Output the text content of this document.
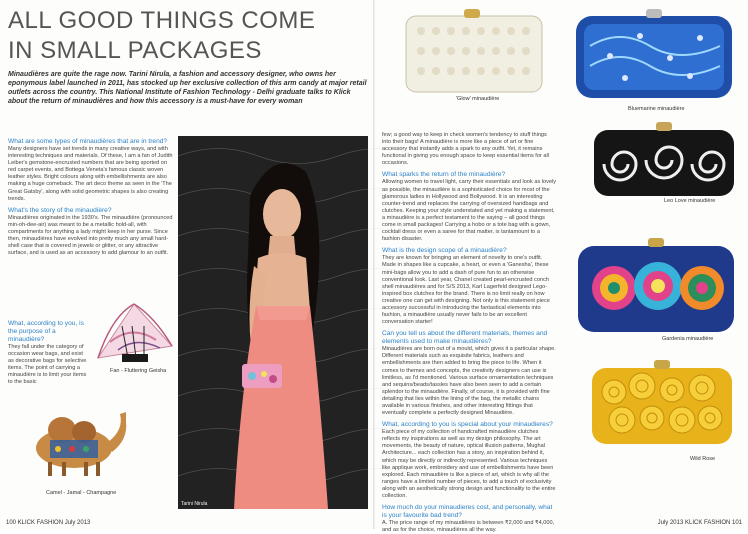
ALL GOOD THINGS COME
IN SMALL PACKAGES

Minaudières are quite the rage now. Tarini Nirula, a fashion and accessory designer, who owns her eponymous label launched in 2011, has stocked up her exclusive collection of this arm candy at major retail outlets across the country. This National Institute of Fashion Technology - Delhi graduate talks to Klick about the return of minaudières and how this accessory is a must-have for every woman

What are some types of minaudières that are in trend?
Many designers have set trends in many creative ways, and with interesting techniques and materials. Of these, I am a fan of Judith Leiber's gemstone-encrusted numbers that are being sported on red carpet events, and Bottega Veneta's famous classic woven leather styles. Bright colours along with embellishments are also making a huge comeback. The art deco theme as seen in the 'The Great Gatsby', along with solid geometric shapes is also creating trends.
What's the story of the minaudière?
Minaudières originated in the 1930's. The minaudière (pronounced min-oh-dee-air) was meant to be a metallic hold-all, with compartments for anything a lady might keep in her purse. Since then, minaudières have evolved into pretty much any small hard-shell case that is covered in jewels or glitter, or any attractive surface, and is used as an accessory to add glamour to an outfit.
What, according to you, is the purpose of a minaudière?
They fall under the category of occasion wear bags, and exist as decorative bags for selective items. The point of carrying a minaudière is to limit your items to the basic
Fan - Fluttering Geisha
Camel - Jamal - Champagne
Tarini Nirula
'Glow' minaudière
Bluemarine minaudière
Leo Love minaudière
Gardenia minaudière
Wild Rose
few; a good way to keep in check women's tendency to stuff things into their bags! A minaudière is more like a piece of art or fine accessory that instantly adds a spark to any outfit. Yet, it remains functional in giving you enough space to keep essential items for all occasions.
What sparks the return of the minaudière?
Allowing women to travel light, carry their essentials and look as lovely as possible, the minaudière is a sophisticated choice for most of the glamorous ladies in Hollywood and Bollywood. It is an interesting counter-trend and replaces the carrying of oversized handbags and clutches. Keeping your style understated and yet making a statement, a minaudière is a perfect testament to the saying – all good things come in small packages! Carrying a hobo or a tote bag with a gown, cocktail dress or even a saree for that matter, is tantamount to a fashion disaster.
What is the design scope of a minaudière?
They are known for bringing an element of novelty to one's outfit. Made in shapes like a cupcake, a heart, or even a 'Ganesha', these mini-bags allow you to add a dash of pure fun to an otherwise conventional look. Last year, Chanel created pearl-encrusted conch shell minaudières and for S/S 2013, Karl Lagerfeld designed Lego-inspired box clutches for the brand. There is no limit really on how creative one can get with designing. Not only is this statement piece accessory successful in introducing the fantastical elements into fashion, a minaudière usually never fails to be an excellent conversation starter!
Can you tell us about the different materials, themes and elements used to make minaudières?
Minaudières are born out of a mould, which gives it a particular shape. Different materials such as exquisite fabrics, leathers and embellishments are then added to bring the piece to life. When it comes to themes and concepts, the creativity designers can use is limitless, as I'd mentioned. Various surface ornamentation techniques and sequins/beads/tassles have also been seen to add a certain splendor to the minaudière. Finally, of course, it is provided with fine detailing that lies within the lining of the bag, the metallic chains available in various finishes, and other interesting fittings that eventually complete a perfectly designed Minaudière.
What, according to you is special about your minaudieres?
Each piece of my collection of handcrafted minaudière clutches reflects my inspirations as well as my design philosophy. The art movements, the beauty of nature, optical illusion patterns, Mughal Architecture... each collection has a story, an inspiration behind it, which may be directly or indirectly represented. Various techniques like applique work, embroidery and use of embellishments have been explored. Each minaudière is like a piece of art, which is why all the ranges have a limited number of pieces, to add a touch of exclusivity along with an aesthetically strong design and functionality to the entire collection.
How much do your minaudieres cost, and personally, what is your favourite bad trend?
A. The price range of my minaudières is between ₹2,000 and ₹4,000, and as for the choice, minaudières all the way.
100 KLICK FASHION July 2013	July 2013 KLICK FASHION 101
